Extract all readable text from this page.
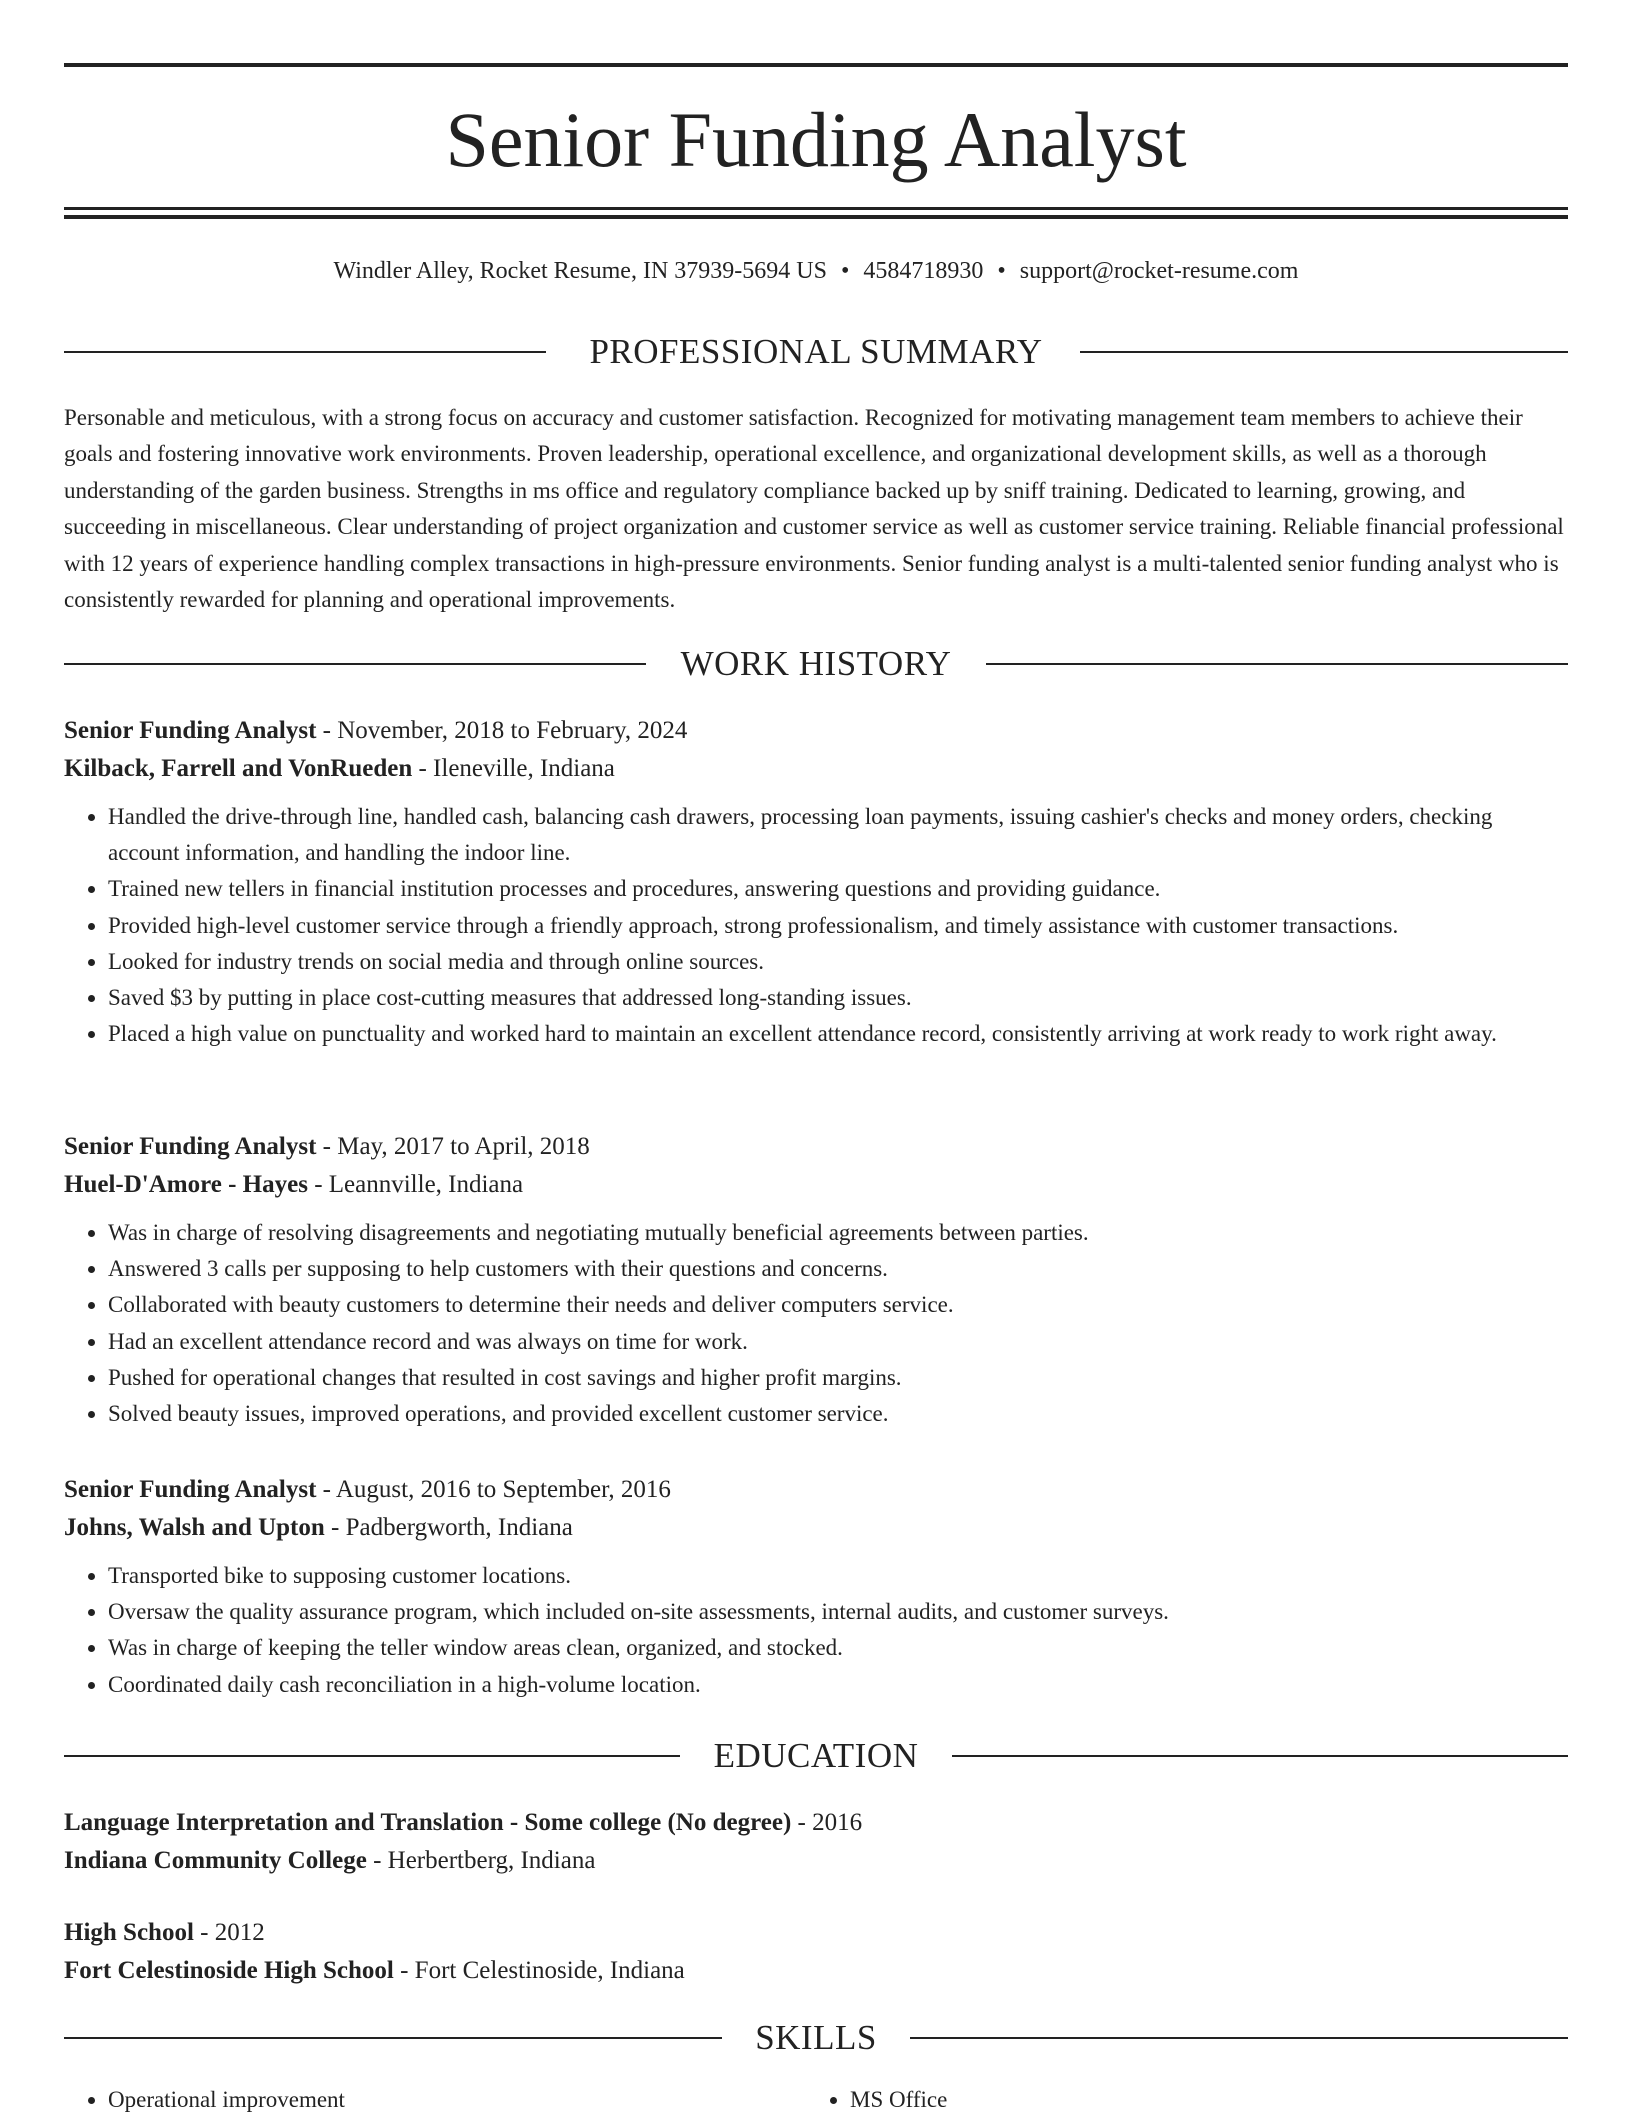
Senior Funding Analyst
Windler Alley, Rocket Resume, IN 37939-5694 US • 4584718930 • support@rocket-resume.com
PROFESSIONAL SUMMARY

Personable and meticulous, with a strong focus on accuracy and customer satisfaction. Recognized for motivating management team members to achieve their goals and fostering innovative work environments. Proven leadership, operational excellence, and organizational development skills, as well as a thorough understanding of the garden business. Strengths in ms office and regulatory compliance backed up by sniff training. Dedicated to learning, growing, and succeeding in miscellaneous. Clear understanding of project organization and customer service as well as customer service training. Reliable financial professional with 12 years of experience handling complex transactions in high-pressure environments. Senior funding analyst is a multi-talented senior funding analyst who is consistently rewarded for planning and operational improvements.

WORK HISTORY
Senior Funding Analyst - November, 2018 to February, 2024
Kilback, Farrell and VonRueden - Ileneville, Indiana
• Handled the drive-through line, handled cash, balancing cash drawers, processing loan payments, issuing cashier's checks and money orders, checking account information, and handling the indoor line.
• Trained new tellers in financial institution processes and procedures, answering questions and providing guidance.
• Provided high-level customer service through a friendly approach, strong professionalism, and timely assistance with customer transactions.
• Looked for industry trends on social media and through online sources.
• Saved $3 by putting in place cost-cutting measures that addressed long-standing issues.
• Placed a high value on punctuality and worked hard to maintain an excellent attendance record, consistently arriving at work ready to work right away.
Senior Funding Analyst - May, 2017 to April, 2018
Huel-D'Amore - Hayes - Leannville, Indiana
• Was in charge of resolving disagreements and negotiating mutually beneficial agreements between parties.
• Answered 3 calls per supposing to help customers with their questions and concerns.
• Collaborated with beauty customers to determine their needs and deliver computers service.
• Had an excellent attendance record and was always on time for work.
• Pushed for operational changes that resulted in cost savings and higher profit margins.
• Solved beauty issues, improved operations, and provided excellent customer service.
Senior Funding Analyst - August, 2016 to September, 2016
Johns, Walsh and Upton - Padbergworth, Indiana
• Transported bike to supposing customer locations.
• Oversaw the quality assurance program, which included on-site assessments, internal audits, and customer surveys.
• Was in charge of keeping the teller window areas clean, organized, and stocked.
• Coordinated daily cash reconciliation in a high-volume location.
EDUCATION
Language Interpretation and Translation - Some college (No degree) - 2016
Indiana Community College - Herbertberg, Indiana
High School - 2012
Fort Celestinoside High School - Fort Celestinoside, Indiana
SKILLS
• Operational improvement
•	MS Office
